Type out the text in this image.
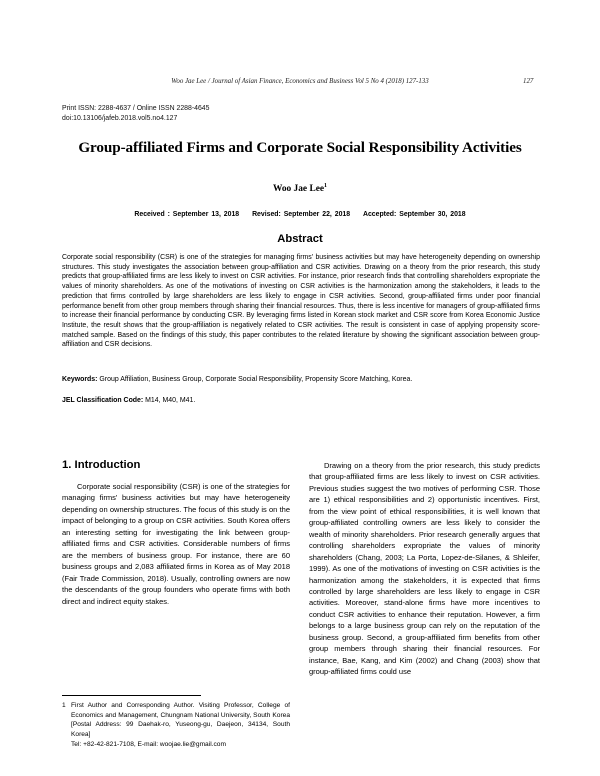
Woo Jae Lee / Journal of Asian Finance, Economics and Business Vol 5 No 4 (2018) 127-133	127
Print ISSN: 2288-4637 / Online ISSN 2288-4645
doi:10.13106/jafeb.2018.vol5.no4.127
Group-affiliated Firms and Corporate Social Responsibility Activities
Woo Jae Lee$^1$
Received : September 13, 2018 Revised: September 22, 2018 Accepted: September 30, 2018
Abstract
Corporate social responsibility (CSR) is one of the strategies for managing firms' business activities but may have heterogeneity depending on ownership structures. This study investigates the association between group-affiliation and CSR activities. Drawing on a theory from the prior research, this study predicts that group-affiliated firms are less likely to invest on CSR activities. For instance, prior research finds that controlling shareholders expropriate the values of minority shareholders. As one of the motivations of investing on CSR activities is the harmonization among the stakeholders, it leads to the prediction that firms controlled by large shareholders are less likely to engage in CSR activities. Second, group-affiliated firms under poor financial performance benefit from other group members through sharing their financial resources. Thus, there is less incentive for managers of group-affiliated firms to increase their financial performance by conducting CSR. By leveraging firms listed in Korean stock market and CSR score from Korea Economic Justice Institute, the result shows that the group-affiliation is negatively related to CSR activities. The result is consistent in case of applying propensity score-matched sample. Based on the findings of this study, this paper contributes to the related literature by showing the significant association between group-affiliation and CSR decisions.
Keywords: Group Affiliation, Business Group, Corporate Social Responsibility, Propensity Score Matching, Korea.
JEL Classification Code: M14, M40, M41.
1. Introduction
Corporate social responsibility (CSR) is one of the strategies for managing firms' business activities but may have heterogeneity depending on ownership structures. The focus of this study is on the impact of belonging to a group on CSR activities. South Korea offers an interesting setting for investigating the link between group-affiliated firms and CSR activities. Considerable numbers of firms are the members of business group. For instance, there are 60 business groups and 2,083 affiliated firms in Korea as of May 2018 (Fair Trade Commission, 2018). Usually, controlling owners are now the descendants of the group founders who operate firms with both direct and indirect equity stakes.
Drawing on a theory from the prior research, this study predicts that group-affiliated firms are less likely to invest on CSR activities. Previous studies suggest the two motives of performing CSR. Those are 1) ethical responsibilities and 2) opportunistic incentives. First, from the view point of ethical responsibilities, it is well known that group-affiliated controlling owners are less likely to consider the wealth of minority shareholders. Prior research generally argues that controlling shareholders expropriate the values of minority shareholders (Chang, 2003; La Porta, Lopez-de-Silanes, & Shleifer, 1999). As one of the motivations of investing on CSR activities is the harmonization among the stakeholders, it is expected that firms controlled by large shareholders are less likely to engage in CSR activities. Moreover, stand-alone firms have more incentives to conduct CSR activities to enhance their reputation. However, a firm belongs to a large business group can rely on the reputation of the business group. Second, a group-affiliated firm benefits from other group members through sharing their financial resources. For instance, Bae, Kang, and Kim (2002) and Chang (2003) show that group-affiliated firms could use
1 First Author and Corresponding Author. Visiting Professor, College of Economics and Management, Chungnam National University, South Korea [Postal Address: 99 Daehak-ro, Yuseong-gu, Daejeon, 34134, South Korea]
Tel: +82-42-821-7108, E-mail: woojae.lie@gmail.com
